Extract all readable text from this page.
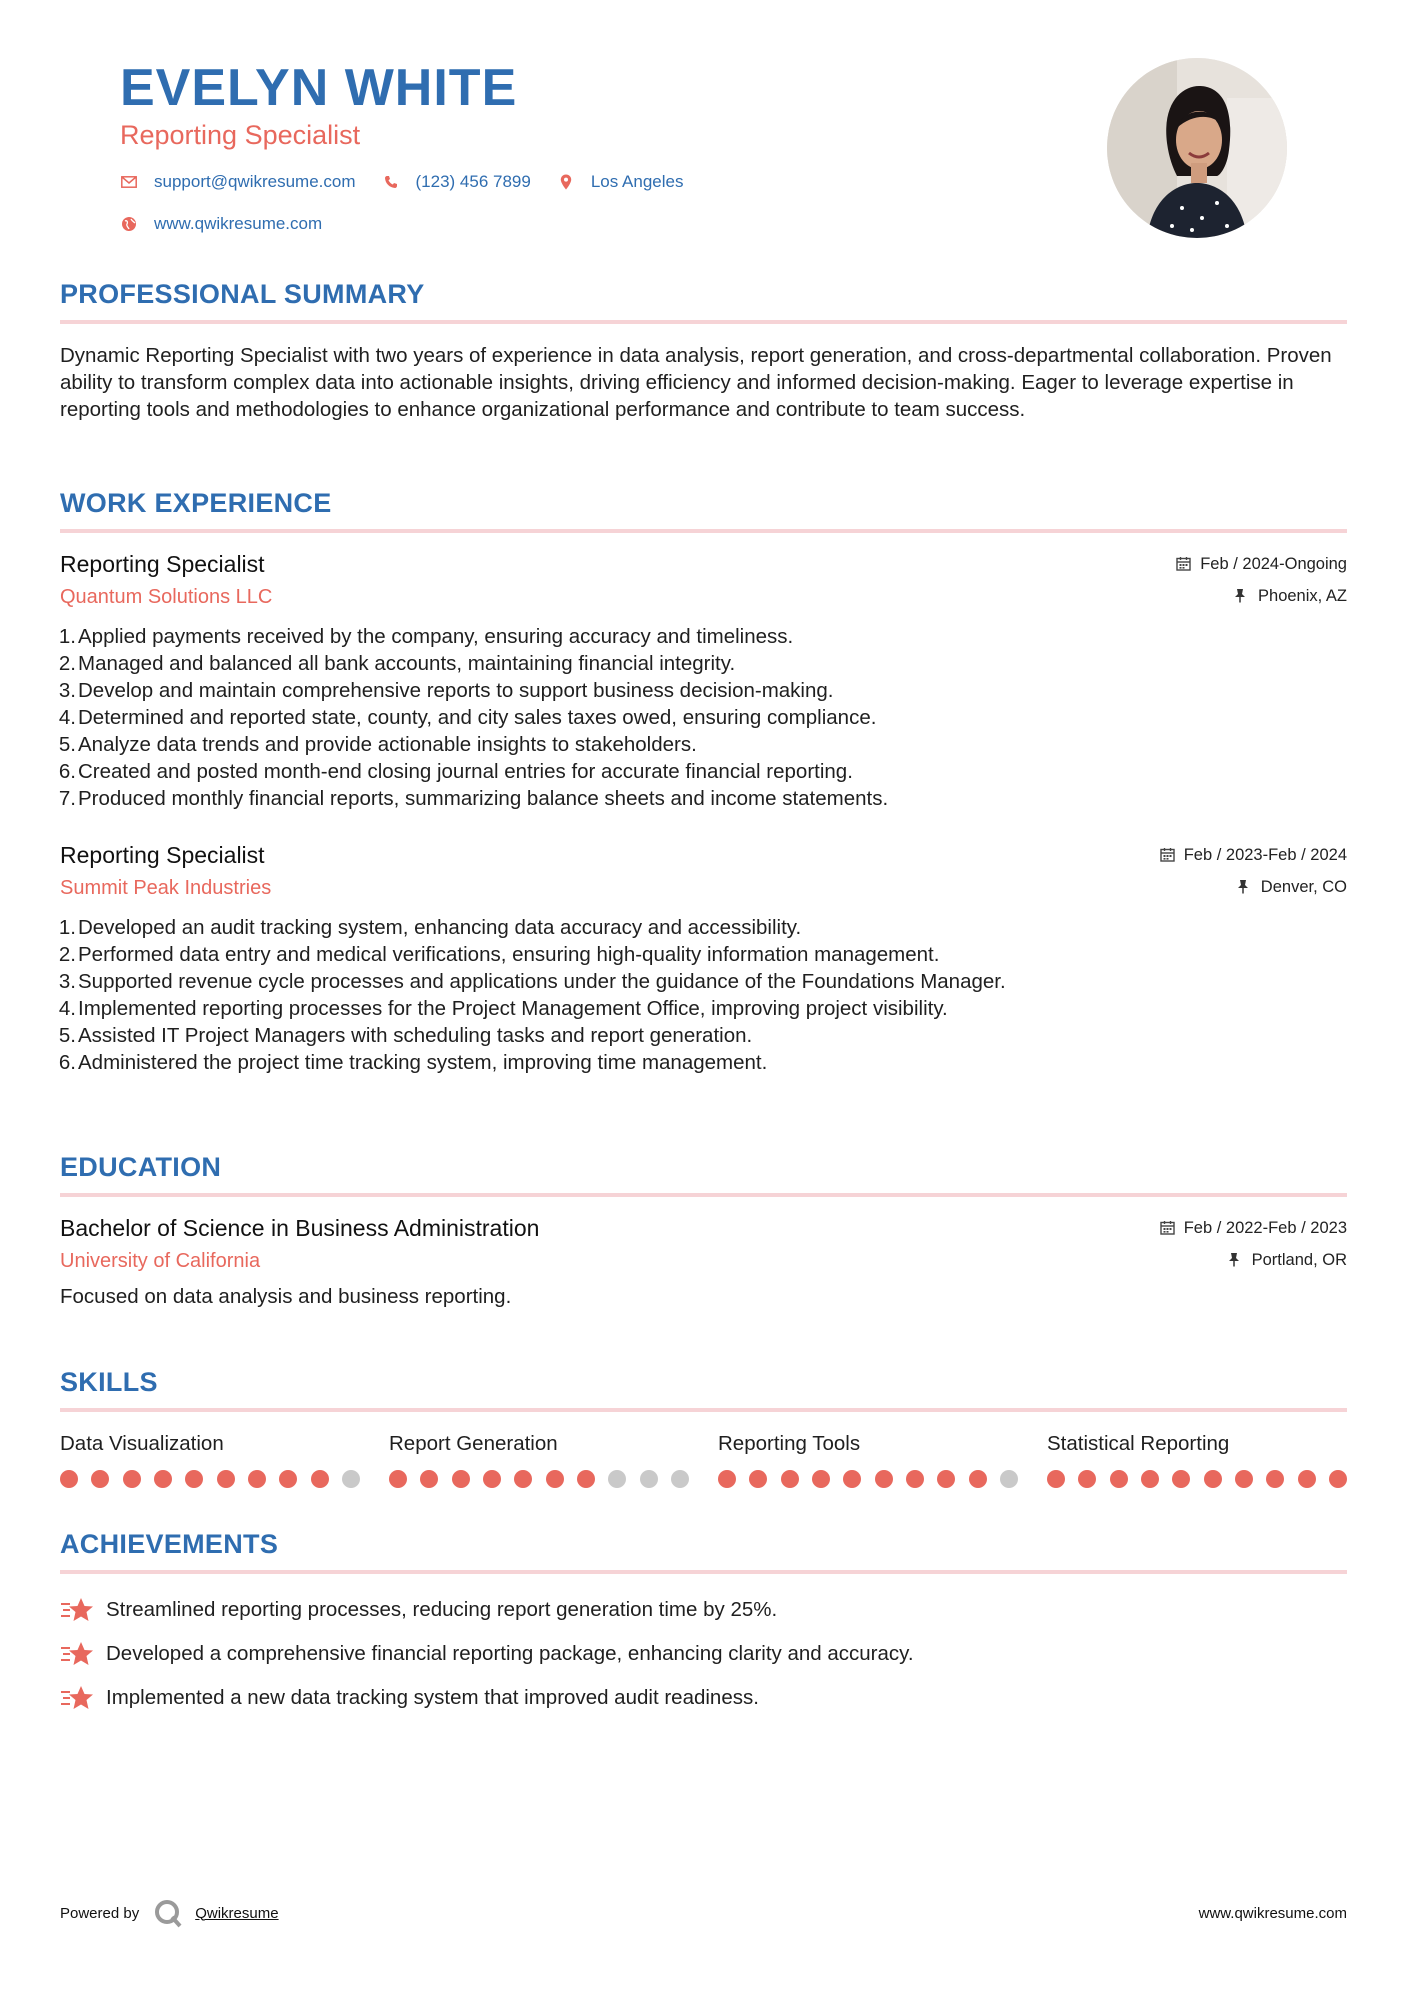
EVELYN WHITE
Reporting Specialist
support@qwikresume.com	(123) 456 7899	Los Angeles
www.qwikresume.com
PROFESSIONAL SUMMARY
Dynamic Reporting Specialist with two years of experience in data analysis, report generation, and cross-departmental collaboration. Proven ability to transform complex data into actionable insights, driving efficiency and informed decision-making. Eager to leverage expertise in reporting tools and methodologies to enhance organizational performance and contribute to team success.
WORK EXPERIENCE
Reporting Specialist
Quantum Solutions LLC
Feb / 2024-Ongoing
Phoenix, AZ
1. Applied payments received by the company, ensuring accuracy and timeliness.
2. Managed and balanced all bank accounts, maintaining financial integrity.
3. Develop and maintain comprehensive reports to support business decision-making.
4. Determined and reported state, county, and city sales taxes owed, ensuring compliance.
5. Analyze data trends and provide actionable insights to stakeholders.
6. Created and posted month-end closing journal entries for accurate financial reporting.
7. Produced monthly financial reports, summarizing balance sheets and income statements.
Reporting Specialist
Summit Peak Industries
Feb / 2023-Feb / 2024
Denver, CO
1. Developed an audit tracking system, enhancing data accuracy and accessibility.
2. Performed data entry and medical verifications, ensuring high-quality information management.
3. Supported revenue cycle processes and applications under the guidance of the Foundations Manager.
4. Implemented reporting processes for the Project Management Office, improving project visibility.
5. Assisted IT Project Managers with scheduling tasks and report generation.
6. Administered the project time tracking system, improving time management.
EDUCATION
Bachelor of Science in Business Administration
University of California
Feb / 2022-Feb / 2023
Portland, OR
Focused on data analysis and business reporting.
SKILLS
Data Visualization	Report Generation	Reporting Tools	Statistical Reporting
ACHIEVEMENTS
Streamlined reporting processes, reducing report generation time by 25%.
Developed a comprehensive financial reporting package, enhancing clarity and accuracy.
Implemented a new data tracking system that improved audit readiness.
Powered by	Qwikresume	www.qwikresume.com
